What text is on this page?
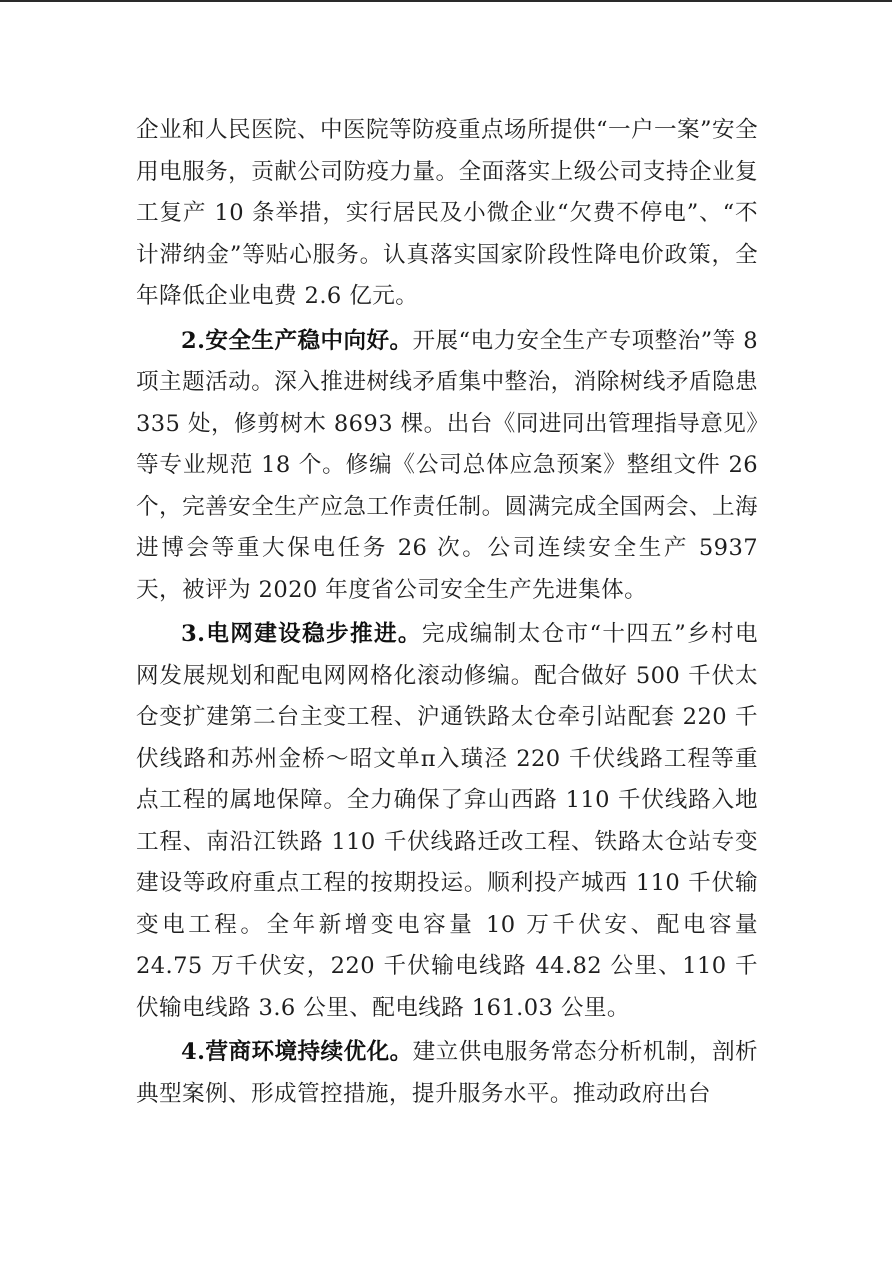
企业和人民医院、中医院等防疫重点场所提供“一户一案”安全用电服务，贡献公司防疫力量。全面落实上级公司支持企业复工复产 10 条举措，实行居民及小微企业“欠费不停电”、“不计滞纳金”等贴心服务。认真落实国家阶段性降电价政策，全年降低企业电费 2.6 亿元。

2.安全生产稳中向好。开展“电力安全生产专项整治”等 8 项主题活动。深入推进树线矛盾集中整治，消除树线矛盾隐患 335 处，修剪树木 8693 棵。出台《同进同出管理指导意见》等专业规范 18 个。修编《公司总体应急预案》整组文件 26 个，完善安全生产应急工作责任制。圆满完成全国两会、上海进博会等重大保电任务 26 次。公司连续安全生产 5937 天，被评为 2020 年度省公司安全生产先进集体。

3.电网建设稳步推进。完成编制太仓市“十四五”乡村电网发展规划和配电网网格化滚动修编。配合做好 500 千伏太仓变扩建第二台主变工程、沪通铁路太仓牵引站配套 220 千伏线路和苏州金桥～昭文单π入璜泾 220 千伏线路工程等重点工程的属地保障。全力确保了弇山西路 110 千伏线路入地工程、南沿江铁路 110 千伏线路迁改工程、铁路太仓站专变建设等政府重点工程的按期投运。顺利投产城西 110 千伏输变电工程。全年新增变电容量 10 万千伏安、配电容量 24.75 万千伏安，220 千伏输电线路 44.82 公里、110 千伏输电线路 3.6 公里、配电线路 161.03 公里。

4.营商环境持续优化。建立供电服务常态分析机制，剖析典型案例、形成管控措施，提升服务水平。推动政府出台
